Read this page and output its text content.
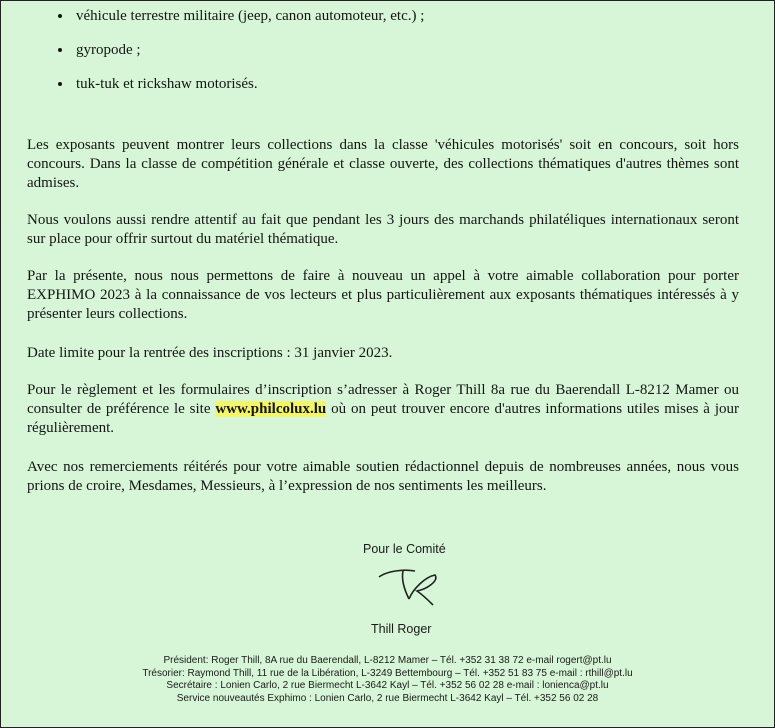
• véhicule terrestre militaire (jeep, canon automoteur, etc.) ;
• gyropode ;
• tuk-tuk et rickshaw motorisés.

Les exposants peuvent montrer leurs collections dans la classe 'véhicules motorisés' soit en concours, soit hors concours. Dans la classe de compétition générale et classe ouverte, des collections thématiques d'autres thèmes sont admises.

Nous voulons aussi rendre attentif au fait que pendant les 3 jours des marchands philatéliques internationaux seront sur place pour offrir surtout du matériel thématique.

Par la présente, nous nous permettons de faire à nouveau un appel à votre aimable collaboration pour porter EXPHIMO 2023 à la connaissance de vos lecteurs et plus particulièrement aux exposants thématiques intéressés à y présenter leurs collections.

Date limite pour la rentrée des inscriptions : 31 janvier 2023.

Pour le règlement et les formulaires d’inscription s’adresser à Roger Thill 8a rue du Baerendall L-8212 Mamer ou consulter de préférence le site www.philcolux.lu où on peut trouver encore d'autres informations utiles mises à jour régulièrement.

Avec nos remerciements réitérés pour votre aimable soutien rédactionnel depuis de nombreuses années, nous vous prions de croire, Mesdames, Messieurs, à l’expression de nos sentiments les meilleurs.

Pour le Comité
Thill Roger
Président: Roger Thill, 8A rue du Baerendall, L-8212 Mamer – Tél. +352 31 38 72 e-mail rogert@pt.lu
Trésorier: Raymond Thill, 11 rue de la Libération, L-3249 Bettembourg – Tél. +352 51 83 75 e-mail : rthill@pt.lu
Secrétaire : Lonien Carlo, 2 rue Biermecht L-3642 Kayl – Tél. +352 56 02 28 e-mail : lonienca@pt.lu
Service nouveautés Exphimo : Lonien Carlo, 2 rue Biermecht L-3642 Kayl – Tél. +352 56 02 28
